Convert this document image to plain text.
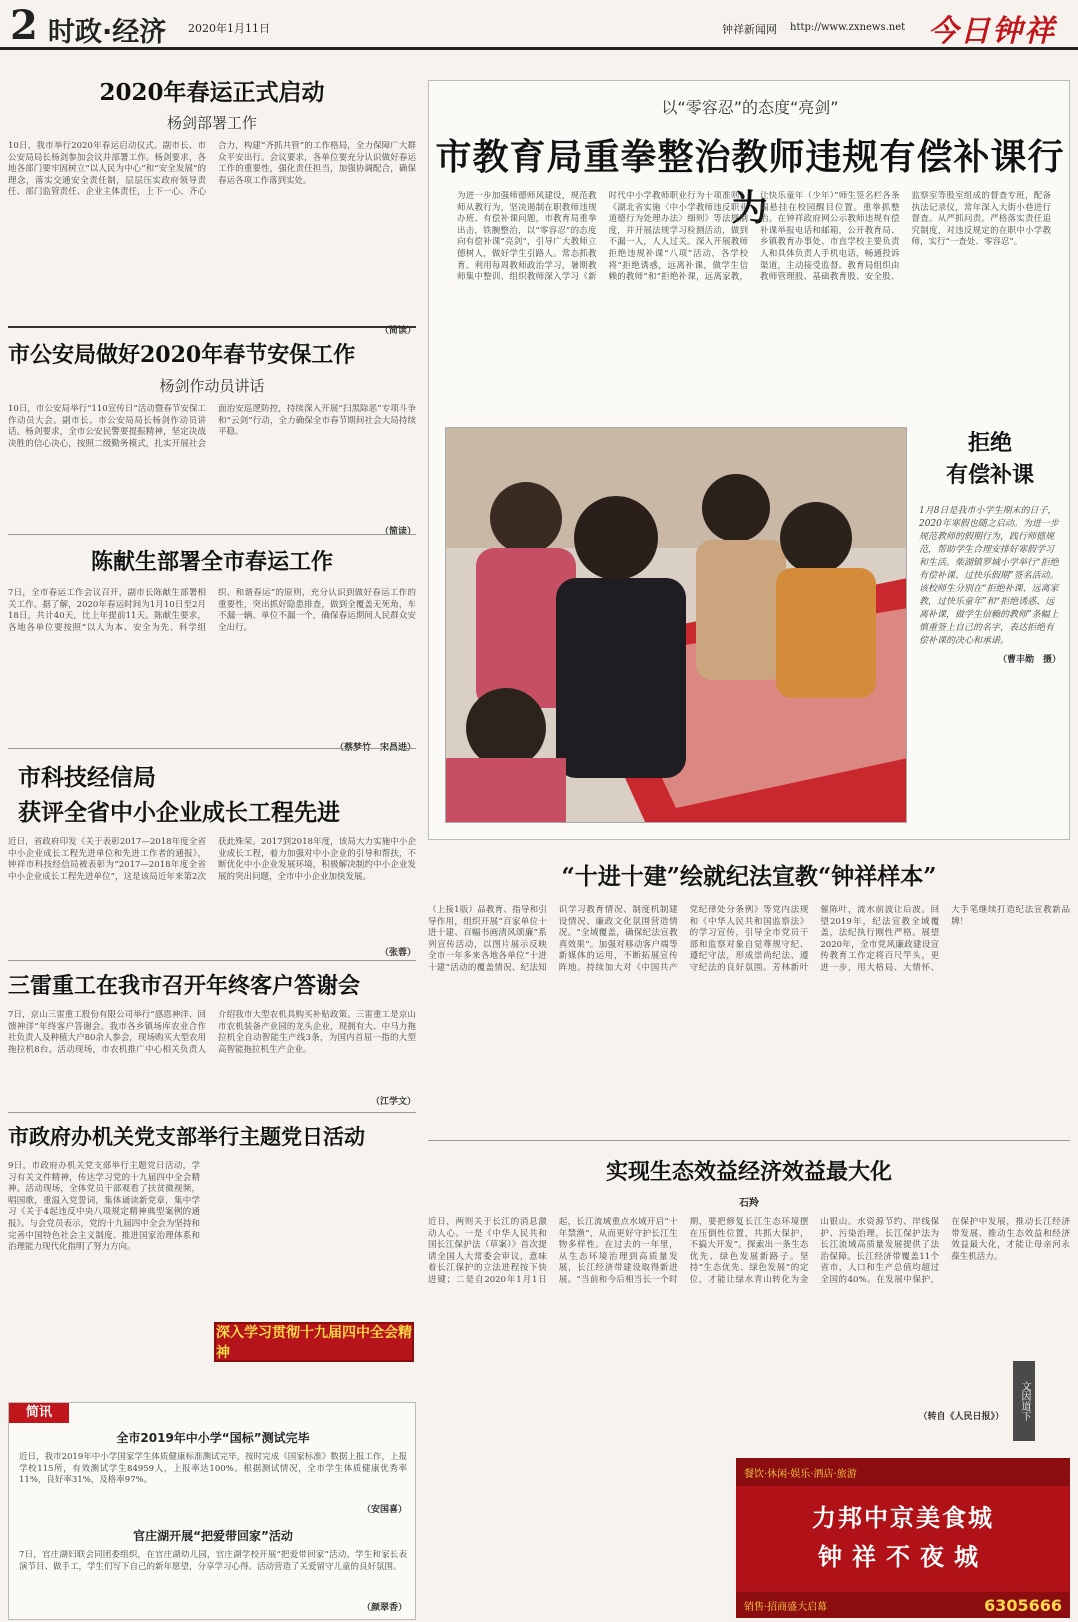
2 时政·经济 2020年1月11日	钟祥新闻网 http://www.zxnews.net 今日钟祥
2020年春运正式启动
杨剑部署工作
10日，我市举行2020年春运启动仪式。副市长、市公安局局长杨剑参加会议并部署工作。杨剑要求，各地各部门要牢固树立“以人民为中心”和“安全发展”的理念，落实交通安全责任制，层层压实政府领导责任、部门监管责任、企业主体责任，上下一心、齐心合力，构建“齐抓共管”的工作格局，全力保障广大群众平安出行。会议要求，各单位要充分认识做好春运工作的重要性，强化责任担当，加强协调配合，确保春运各项工作落到实处。
（简读）
市公安局做好2020年春节安保工作
杨剑作动员讲话
10日，市公安局举行“110宣传日”活动暨春节安保工作动员大会。副市长、市公安局局长杨剑作动员讲话。杨剑要求，全市公安民警要提振精神，坚定决战决胜的信心决心，按照二级勤务模式，扎实开展社会面治安巡逻防控，持续深入开展“扫黑除恶”专项斗争和“云剑”行动，全力确保全市春节期间社会大局持续平稳。
（简读）
陈献生部署全市春运工作
7日，全市春运工作会议召开，副市长陈献生部署相关工作。据了解，2020年春运时间为1月10日至2月18日，共计40天，比上年提前11天。陈献生要求，各地各单位要按照“以人为本、安全为先、科学组织、和谐春运”的原则，充分认识到做好春运工作的重要性，突出抓好隐患排查，做到全覆盖无死角，车不漏一辆、单位不漏一个，确保春运期间人民群众安全出行。
（蔡梦竹　宋昌进）
市科技经信局
获评全省中小企业成长工程先进
近日，省政府印发《关于表彰2017—2018年度全省中小企业成长工程先进单位和先进工作者的通报》，钟祥市科技经信局被表彰为“2017—2018年度全省中小企业成长工程先进单位”，这是该局近年来第2次获此殊荣。2017到2018年度，该局大力实施中小企业成长工程，着力加强对中小企业的引导和帮扶，不断优化中小企业发展环境，积极解决制约中小企业发展的突出问题，全市中小企业加快发展。
（张蓉）
三雷重工在我市召开年终客户答谢会
7日，京山三雷重工股份有限公司举行“感恩神洋、回馈神洋”年终客户答谢会。我市各乡镇场库农业合作社负责人及种植大户80余人参会，现场购买大型农用拖拉机8台。活动现场，市农机推广中心相关负责人介绍我市大型农机具购买补贴政策。三雷重工是京山市农机装备产业园的龙头企业，现拥有大、中马力拖拉机全自动智能生产线3条，为国内首屈一指的大型高智能拖拉机生产企业。
（江学文）
市政府办机关党支部举行主题党日活动
9日，市政府办机关党支部举行主题党日活动，学习有关文件精神，传达学习党的十九届四中全会精神。活动现场，全体党员干部观看了扶贫微视频，唱国歌，重温入党誓词，集体诵读新党章，集中学习《关于4起违反中央八项规定精神典型案例的通报》。与会党员表示，党的十九届四中全会为坚持和完善中国特色社会主义制度、推进国家治理体系和治理能力现代化指明了努力方向。
深入学习贯彻十九届四中全会精神
简讯
全市2019年中小学“国标”测试完毕
近日，我市2019年中小学国家学生体质健康标准测试完毕，按时完成《国家标准》数据上报工作，上报学校115所，有效测试学生84959人，上报率达100%。根据测试情况，全市学生体质健康优秀率11%，良好率31%，及格率97%。
（安国喜）
官庄湖开展“把爱带回家”活动
7日，官庄湖妇联会同团委组织，在官庄湖幼儿园，官庄湖学校开展“把爱带回家”活动。学生和家长表演节目、做手工，学生们写下自己的新年愿望，分享学习心得。活动营造了关爱留守儿童的良好氛围。
（颜翠香）
以“零容忍”的态度“亮剑”
市教育局重拳整治教师违规有偿补课行为
为进一步加强师德师风建设，规范教师从教行为，坚决遏制在职教师违规办班、有偿补课问题，市教育局重拳出击，铁腕整治，以“零容忍”的态度向有偿补课“亮剑”，引导广大教师立德树人，做好学生引路人。常态抓教育。利用每周教师政治学习，暑期教师集中整训、组织教师深入学习《新时代中小学教师职业行为十项准则》《湖北省实施〈中小学教师违反职业道德行为处理办法〉细则》等法规制度，并开展法规学习检测活动，做到不漏一人，人人过关。深入开展教师拒绝违规补课“八项”活动，各学校将“拒绝诱惑，远离补课，做学生信赖的教师”和“拒绝补课，远离家教，让快乐童年（少年）”师生签名栏各条幅悬挂在校园醒目位置。重拳抓整治。在钟祥政府网公示教师违规有偿补课举报电话和邮箱，公开教育局、乡镇教育办事处、市直学校主要负责人和具体负责人手机电话，畅通投诉渠道，主动接受监督。教育局组织由教师管理股、基础教育股、安全股、监察室等股室组成的督查专班，配备执法记录仪，常年深入大街小巷进行督查。从严抓问责。严格落实责任追究制度，对违反规定的在职中小学教师，实行“一查处、零容忍”。
拒绝
有偿补课
1月8日是我市小学生期末的日子，2020年寒假也随之启动。为进一步规范教师的假期行为，践行师德规范，帮助学生合理安排好寒假学习和生活。柴湖镇罗城小学举行“拒绝有偿补课、过快乐假期”签名活动。该校师生分别在“拒绝补课、远离家教，过快乐童年”和“拒绝诱惑、远离补课，做学生信赖的教师”条幅上慎重签上自己的名字，表达拒绝有偿补课的决心和承诺。
（曹丰勋　摄）
“十进十建”绘就纪法宣教“钟祥样本”
（上接1版）品教育、指导和引导作用，组织开展“百家单位十进十建、百幅书画清风颂廉”系列宣传活动，以图片展示反映全市一年多来各地各单位“十进十建”活动的覆盖情况、纪法知识学习教育情况、制度机制建设情况、廉政文化氛围营造情况。“全域覆盖，确保纪法宣教真效果”。加强对移动客户端等新媒体的运用，不断拓展宣传阵地。持续加大对《中国共产党纪律处分条例》等党内法规和《中华人民共和国监察法》的学习宣传，引导全市党员干部和监察对象自觉尊规守纪、遵纪守法，形成崇尚纪法、遵守纪法的良好氛围。芳林新叶催陈叶，流水前波让后波。回望2019年，纪法宣教全域覆盖，法纪执行刚性严格。展望2020年，全市党风廉政建设宣传教育工作定将百尺竿头，更进一步，用大格局、大情怀、大手笔继续打造纪法宣教新品牌！
实现生态效益经济效益最大化
石羚
近日，两则关于长江的消息激动人心。一是《中华人民共和国长江保护法（草案）》首次提请全国人大常委会审议，意味着长江保护的立法进程按下快进键；二是自2020年1月1日起，长江流域重点水域开启“十年禁渔”，从而更好守护长江生物多样性。在过去的一年里，从生态环境治理到高质量发展，长江经济带建设取得新进展。“当前和今后相当长一个时期，要把修复长江生态环境摆在压倒性位置，共抓大保护，不搞大开发”。探索出一条生态优先、绿色发展新路子。坚持“生态优先、绿色发展”的定位，才能让绿水青山转化为金山银山。水资源节约、岸线保护、污染治理，长江保护法为长江流域高质量发展提供了法治保障。长江经济带覆盖11个省市，人口和生产总值均超过全国的40%。在发展中保护，在保护中发展，推动长江经济带发展、推动生态效益和经济效益最大化，才能让母亲河永葆生机活力。
文因道下
（转自《人民日报》）
餐饮·休闲·娱乐·酒店·旅游
力邦中京美食城
钟祥不夜城
销售·招商盛大启幕	6305666
